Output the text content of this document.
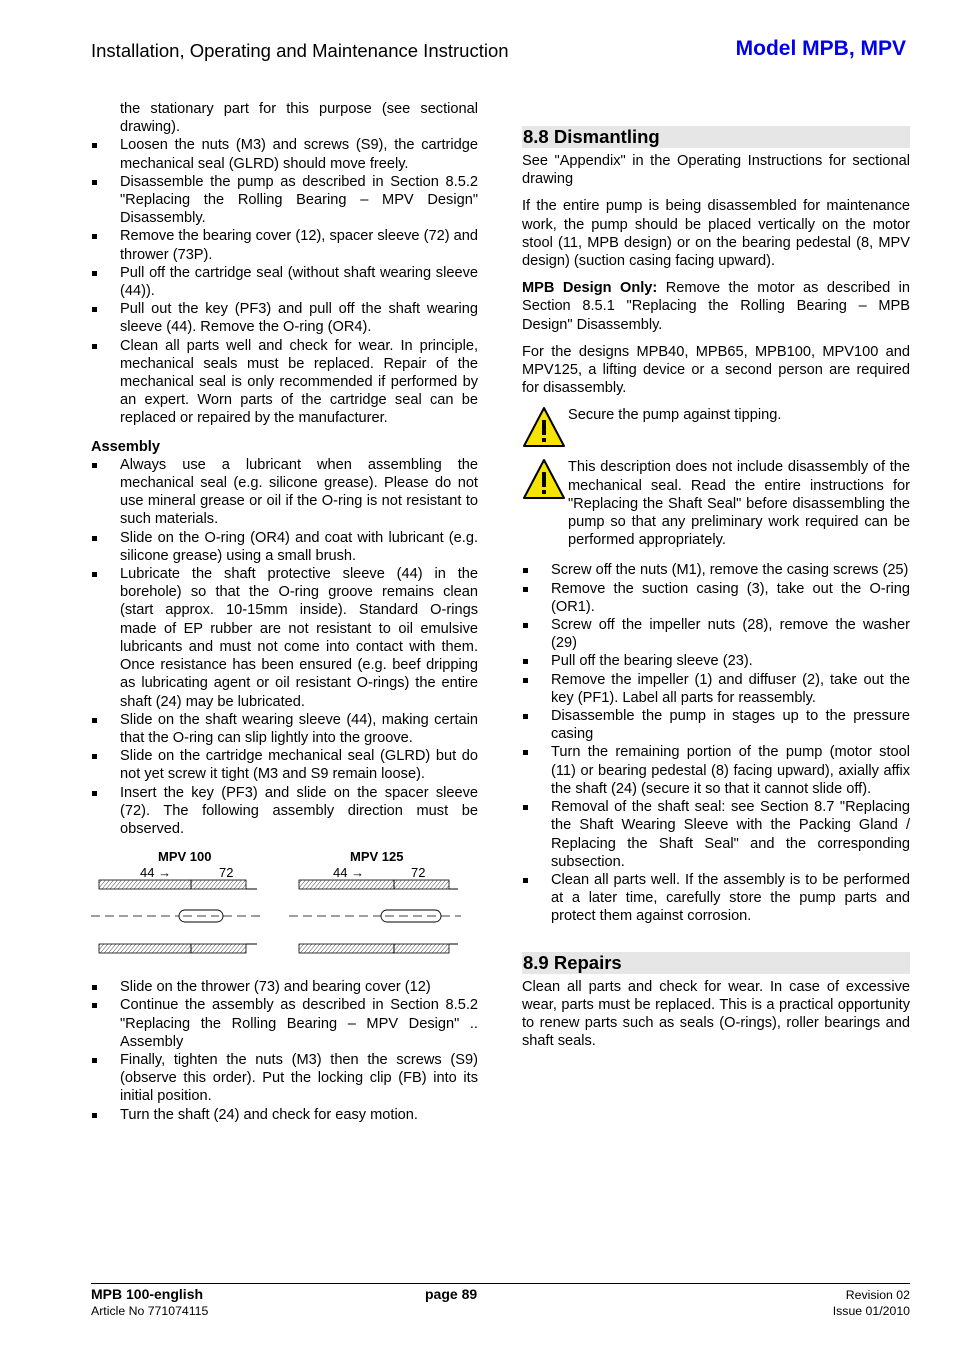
Installation, Operating and Maintenance Instruction	Model MPB, MPV

the stationary part for this purpose (see sectional drawing).

Loosen the nuts (M3) and screws (S9), the cartridge mechanical seal (GLRD) should move freely.
Disassemble the pump as described in Section 8.5.2 "Replacing the Rolling Bearing – MPV Design" Disassembly.
Remove the bearing cover (12), spacer sleeve (72) and thrower (73P).
Pull off the cartridge seal (without shaft wearing sleeve (44)).
Pull out the key (PF3) and pull off the shaft wearing sleeve (44). Remove the O-ring (OR4).
Clean all parts well and check for wear. In principle, mechanical seals must be replaced. Repair of the mechanical seal is only recommended if performed by an expert. Worn parts of the cartridge seal can be replaced or repaired by the manufacturer.
Assembly
Always use a lubricant when assembling the mechanical seal (e.g. silicone grease). Please do not use mineral grease or oil if the O-ring is not resistant to such materials.
Slide on the O-ring (OR4) and coat with lubricant (e.g. silicone grease) using a small brush.
Lubricate the shaft protective sleeve (44) in the borehole) so that the O-ring groove remains clean (start approx. 10-15mm inside). Standard O-rings made of EP rubber are not resistant to oil emulsive lubricants and must not come into contact with them. Once resistance has been ensured (e.g. beef dripping as lubricating agent or oil resistant O-rings) the entire shaft (24) may be lubricated.
Slide on the shaft wearing sleeve (44), making certain that the O-ring can slip lightly into the groove.
Slide on the cartridge mechanical seal (GLRD) but do not yet screw it tight (M3 and S9 remain loose).
Insert the key (PF3) and slide on the spacer sleeve (72). The following assembly direction must be observed.
MPV 100
44 →	72
MPV 125
44 →	72
Slide on the thrower (73) and bearing cover (12)
Continue the assembly as described in Section 8.5.2 "Replacing the Rolling Bearing – MPV Design" .. Assembly
Finally, tighten the nuts (M3) then the screws (S9) (observe this order). Put the locking clip (FB) into its initial position.
Turn the shaft (24) and check for easy motion.
8.8 Dismantling

See "Appendix" in the Operating Instructions for sectional drawing

If the entire pump is being disassembled for maintenance work, the pump should be placed vertically on the motor stool (11, MPB design) or on the bearing pedestal (8, MPV design) (suction casing facing upward).

MPB Design Only: Remove the motor as described in Section 8.5.1 "Replacing the Rolling Bearing – MPB Design" Disassembly.

For the designs MPB40, MPB65, MPB100, MPV100 and MPV125, a lifting device or a second person are required for disassembly.

Secure the pump against tipping.

This description does not include disassembly of the mechanical seal. Read the entire instructions for "Replacing the Shaft Seal" before disassembling the pump so that any preliminary work required can be performed appropriately.

Screw off the nuts (M1), remove the casing screws (25)
Remove the suction casing (3), take out the O-ring (OR1).
Screw off the impeller nuts (28), remove the washer (29)
Pull off the bearing sleeve (23).
Remove the impeller (1) and diffuser (2), take out the key (PF1). Label all parts for reassembly.
Disassemble the pump in stages up to the pressure casing
Turn the remaining portion of the pump (motor stool (11) or bearing pedestal (8) facing upward), axially affix the shaft (24) (secure it so that it cannot slide off).
Removal of the shaft seal: see Section 8.7 "Replacing the Shaft Wearing Sleeve with the Packing Gland / Replacing the Shaft Seal" and the corresponding subsection.
Clean all parts well. If the assembly is to be performed at a later time, carefully store the pump parts and protect them against corrosion.
8.9 Repairs

Clean all parts and check for wear. In case of excessive wear, parts must be replaced. This is a practical opportunity to renew parts such as seals (O-rings), roller bearings and shaft seals.

MPB 100-english
Article No 771074115
page 89	Revision 02
Issue 01/2010
